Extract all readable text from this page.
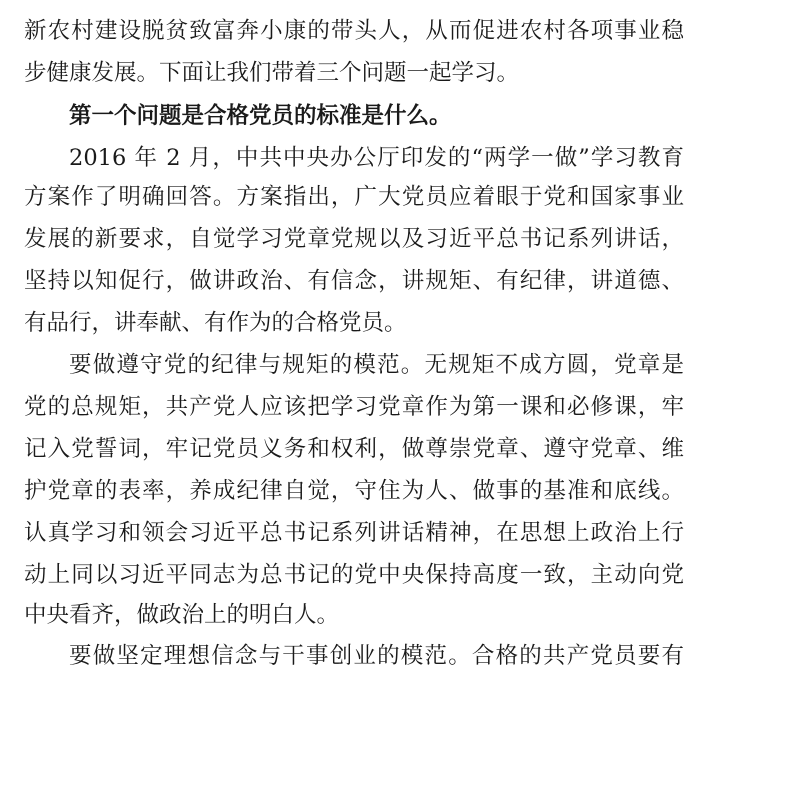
新农村建设脱贫致富奔小康的带头人，从而促进农村各项事业稳
步健康发展。下面让我们带着三个问题一起学习。
第一个问题是合格党员的标准是什么。
2016 年 2 月，中共中央办公厅印发的“两学一做”学习教育
方案作了明确回答。方案指出，广大党员应着眼于党和国家事业
发展的新要求，自觉学习党章党规以及习近平总书记系列讲话，
坚持以知促行，做讲政治、有信念，讲规矩、有纪律，讲道德、
有品行，讲奉献、有作为的合格党员。
要做遵守党的纪律与规矩的模范。无规矩不成方圆，党章是
党的总规矩，共产党人应该把学习党章作为第一课和必修课，牢
记入党誓词，牢记党员义务和权利，做尊崇党章、遵守党章、维
护党章的表率，养成纪律自觉，守住为人、做事的基准和底线。
认真学习和领会习近平总书记系列讲话精神，在思想上政治上行
动上同以习近平同志为总书记的党中央保持高度一致，主动向党
中央看齐，做政治上的明白人。
要做坚定理想信念与干事创业的模范。合格的共产党员要有
